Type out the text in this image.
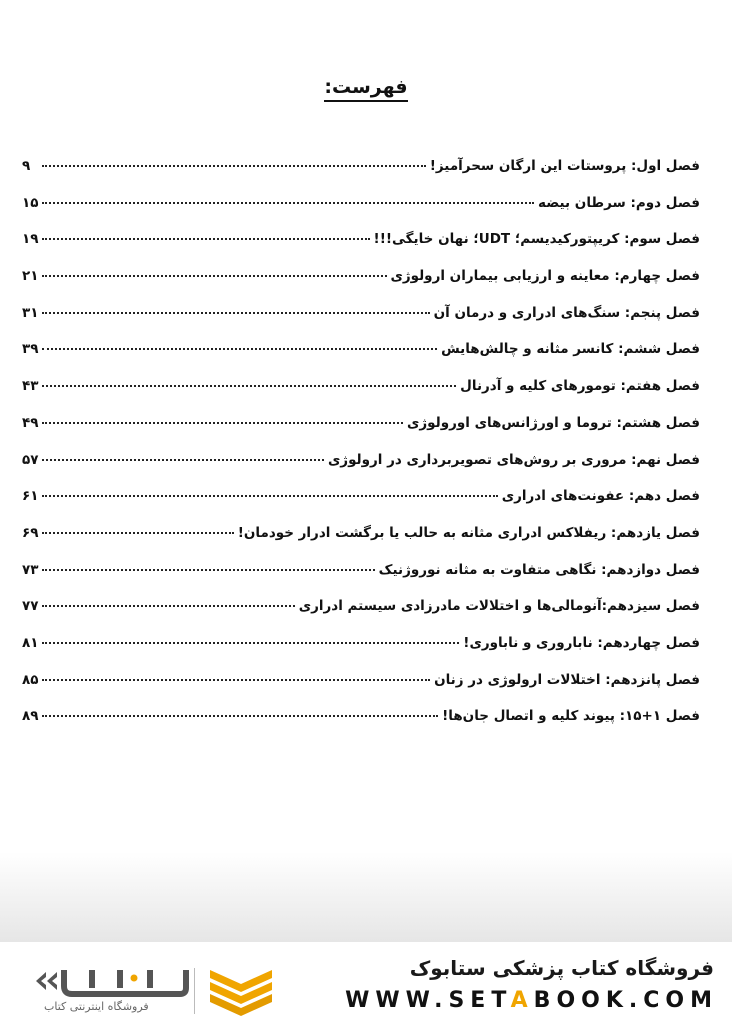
فهرست:
فصل اول: پروستات این ارگان سحرآمیز!
۹
فصل دوم: سرطان بیضه
۱۵
فصل سوم: کریپتورکیدیسم؛ UDT؛ نهان خایگی!!!
۱۹
فصل چهارم: معاینه و ارزیابی بیماران ارولوژی
۲۱
فصل پنجم: سنگ‌های ادراری و درمان آن
۳۱
فصل ششم: کانسر مثانه و چالش‌هایش
۳۹
فصل هفتم: تومورهای کلیه و آدرنال
۴۳
فصل هشتم: تروما و اورژانس‌های اورولوژی
۴۹
فصل نهم: مروری بر روش‌های تصویربرداری در ارولوژی
۵۷
فصل دهم: عفونت‌های ادراری
۶۱
فصل یازدهم: ریفلاکس ادراری مثانه به حالب یا برگشت ادرار خودمان!
۶۹
فصل دوازدهم: نگاهی متفاوت به مثانه نوروژنیک
۷۳
فصل سیزدهم:آنومالی‌ها و اختلالات مادرزادی سیستم ادراری
۷۷
فصل چهاردهم: ناباروری و ناباوری!
۸۱
فصل پانزدهم: اختلالات ارولوژی در زنان
۸۵
فصل ۱+۱۵: پیوند کلیه و اتصال جان‌ها!
۸۹
فروشگاه کتاب پزشکی ستابوک
WWW.SETABOOK.COM
فروشگاه اینترنتی کتاب
